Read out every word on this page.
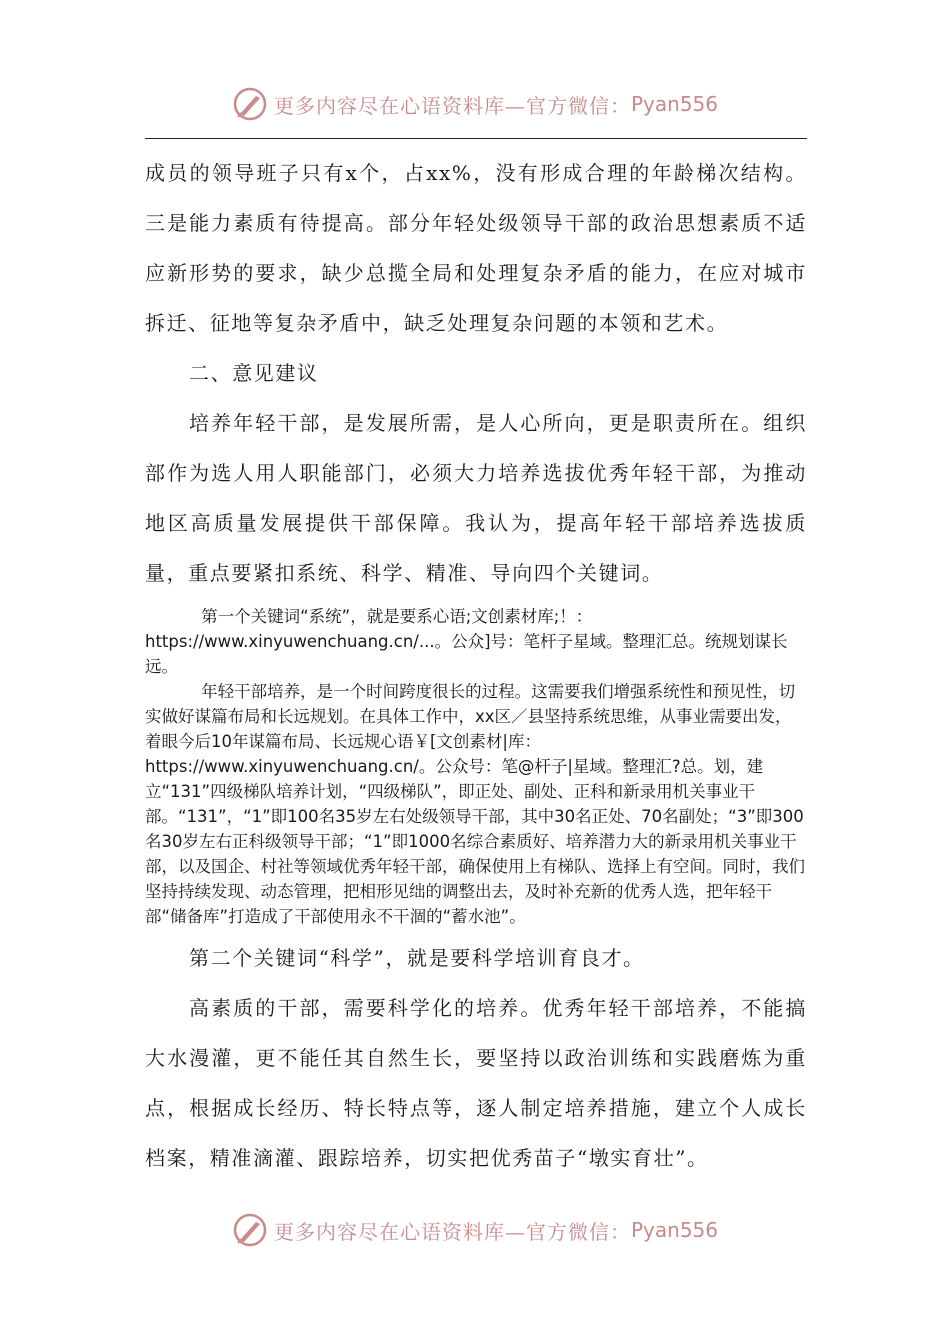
更多内容尽在心语资料库—官方微信： Pyan556

成员的领导班子只有x个，占xx%，没有形成合理的年龄梯次结构。三是能力素质有待提高。部分年轻处级领导干部的政治思想素质不适应新形势的要求，缺少总揽全局和处理复杂矛盾的能力，在应对城市拆迁、征地等复杂矛盾中，缺乏处理复杂问题的本领和艺术。

二、意见建议

培养年轻干部，是发展所需，是人心所向，更是职责所在。组织部作为选人用人职能部门，必须大力培养选拔优秀年轻干部，为推动地区高质量发展提供干部保障。我认为，提高年轻干部培养选拔质量，重点要紧扣系统、科学、精准、导向四个关键词。

第一个关键词“系统”，就是要系心语;文创素材库;！：https://www.xinyuwenchuang.cn/...。公众]号：笔杆子星域。整理汇总。统规划谋长远。

年轻干部培养，是一个时间跨度很长的过程。这需要我们增强系统性和预见性，切实做好谋篇布局和长远规划。在具体工作中，xx区／县坚持系统思维，从事业需要出发，着眼今后10年谋篇布局、长远规心语￥[文创素材|库：https://www.xinyuwenchuang.cn/。公众号：笔@杆子|星域。整理汇?总。划，建立“131”四级梯队培养计划，“四级梯队”，即正处、副处、正科和新录用机关事业干部。“131”，“1”即100名35岁左右处级领导干部，其中30名正处、70名副处；“3”即300名30岁左右正科级领导干部；“1”即1000名综合素质好、培养潜力大的新录用机关事业干部，以及国企、村社等领域优秀年轻干部，确保使用上有梯队、选择上有空间。同时，我们坚持持续发现、动态管理，把相形见绌的调整出去，及时补充新的优秀人选，把年轻干部“储备库”打造成了干部使用永不干涸的“蓄水池”。

第二个关键词“科学”，就是要科学培训育良才。

高素质的干部，需要科学化的培养。优秀年轻干部培养，不能搞大水漫灌，更不能任其自然生长，要坚持以政治训练和实践磨炼为重点，根据成长经历、特长特点等，逐人制定培养措施，建立个人成长档案，精准滴灌、跟踪培养，切实把优秀苗子“墩实育壮”。

更多内容尽在心语资料库—官方微信： Pyan556
